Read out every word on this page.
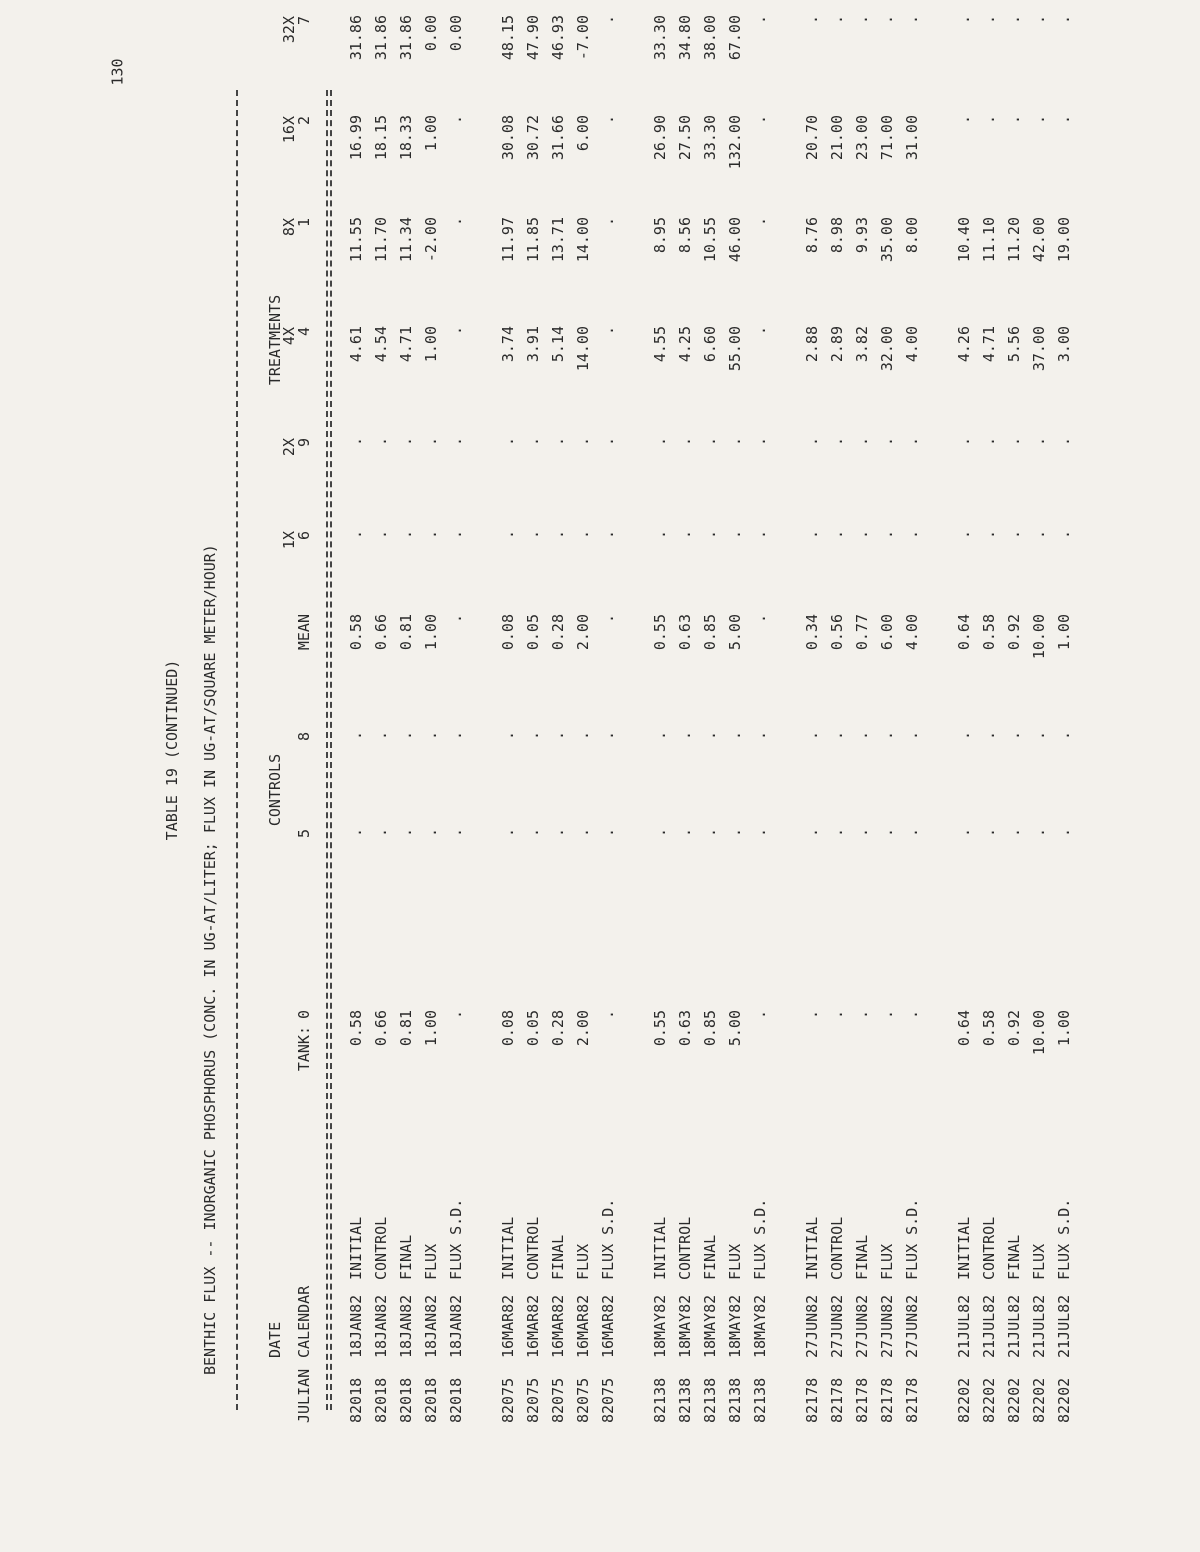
130
TABLE 19 (CONTINUED) BENTHIC FLUX -- INORGANIC PHOSPHORUS (CONC. IN UG-AT/LITER; FLUX IN UG-AT/SQUARE METER/HOUR)	DATE
CONTROLS
TREATMENTS
JULIAN
CALENDAR
TANK:
0
5
8
MEAN
1X
6
2X
9
4X
4
8X
1
16X
2
32X
7
82018
18JAN82
INITIAL
0.58
.
.
0.58
.
.
4.61
11.55
16.99
31.86
82018
18JAN82
CONTROL
0.66
.
.
0.66
.
.
4.54
11.70
18.15
31.86
82018
18JAN82
FINAL
0.81
.
.
0.81
.
.
4.71
11.34
18.33
31.86
82018
18JAN82
FLUX
1.00
.
.
1.00
.
.
1.00
-2.00
1.00
0.00
82018
18JAN82
FLUX S.D.
.
.
.
.
.
.
.
.
.
0.00
82075
16MAR82
INITIAL
0.08
.
.
0.08
.
.
3.74
11.97
30.08
48.15
82075
16MAR82
CONTROL
0.05
.
.
0.05
.
.
3.91
11.85
30.72
47.90
82075
16MAR82
FINAL
0.28
.
.
0.28
.
.
5.14
13.71
31.66
46.93
82075
16MAR82
FLUX
2.00
.
.
2.00
.
.
14.00
14.00
6.00
-7.00
82075
16MAR82
FLUX S.D.
.
.
.
.
.
.
.
.
.
.
82138
18MAY82
INITIAL
0.55
.
.
0.55
.
.
4.55
8.95
26.90
33.30
82138
18MAY82
CONTROL
0.63
.
.
0.63
.
.
4.25
8.56
27.50
34.80
82138
18MAY82
FINAL
0.85
.
.
0.85
.
.
6.60
10.55
33.30
38.00
82138
18MAY82
FLUX
5.00
.
.
5.00
.
.
55.00
46.00
132.00
67.00
82138
18MAY82
FLUX S.D.
.
.
.
.
.
.
.
.
.
.
82178
27JUN82
INITIAL
.
.
.
0.34
.
.
2.88
8.76
20.70
.
82178
27JUN82
CONTROL
.
.
.
0.56
.
.
2.89
8.98
21.00
.
82178
27JUN82
FINAL
.
.
.
0.77
.
.
3.82
9.93
23.00
.
82178
27JUN82
FLUX
.
.
.
6.00
.
.
32.00
35.00
71.00
.
82178
27JUN82
FLUX S.D.
.
.
.
4.00
.
.
4.00
8.00
31.00
.
82202
21JUL82
INITIAL
0.64
.
.
0.64
.
.
4.26
10.40
.
.
82202
21JUL82
CONTROL
0.58
.
.
0.58
.
.
4.71
11.10
.
.
82202
21JUL82
FINAL
0.92
.
.
0.92
.
.
5.56
11.20
.
.
82202
21JUL82
FLUX
10.00
.
.
10.00
.
.
37.00
42.00
.
.
82202
21JUL82
FLUX S.D.
1.00
.
.
1.00
.
.
3.00
19.00
.
.
